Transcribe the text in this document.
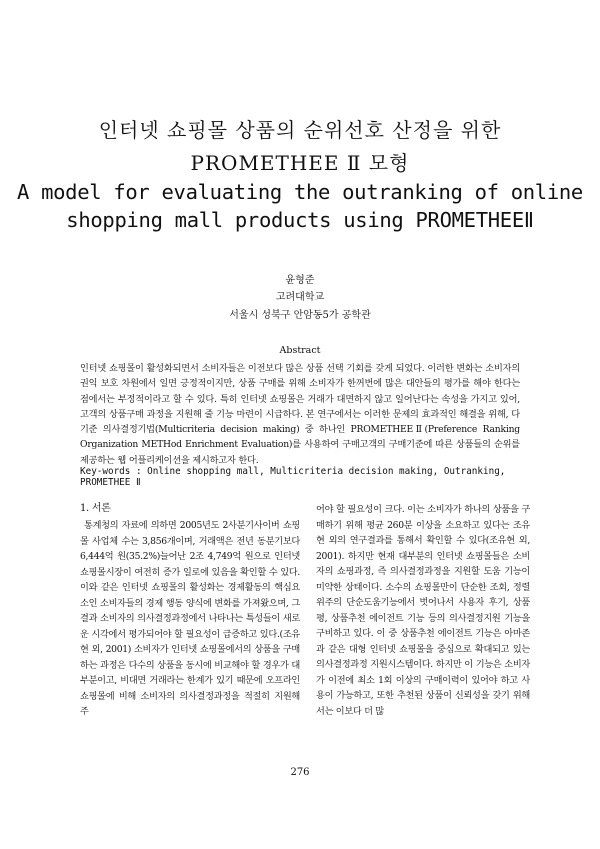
인터넷 쇼핑몰 상품의 순위선호 산정을 위한
PROMETHEE Ⅱ 모형
A model for evaluating the outranking of online
shopping mall products using PROMETHEEⅡ
윤형준
고려대학교
서울시 성북구 안암동5가 공학관
Abstract
인터넷 쇼핑몰이 활성화되면서 소비자들은 이전보다 많은 상품 선택 기회를 갖게 되었다. 이러한 변화는 소비자의 권익 보호 차원에서 일면 긍정적이지만, 상품 구매를 위해 소비자가 한꺼번에 많은 대안들의 평가를 해야 한다는 점에서는 부정적이라고 할 수 있다. 특히 인터넷 쇼핑몰은 거래가 대면하지 않고 일어난다는 속성을 가지고 있어, 고객의 상품구매 과정을 지원해 줄 기능 마련이 시급하다. 본 연구에서는 이러한 문제의 효과적인 해결을 위해, 다기준 의사결정기법(Multicriteria decision making) 중 하나인 PROMETHEEⅡ(Preference Ranking Organization METHod Enrichment Evaluation)를 사용하여 구매고객의 구매기준에 따른 상품들의 순위를 제공하는 웹 어플리케이션을 제시하고자 한다.
Key-words : Online shopping mall, Multicriteria decision making, Outranking, PROMETHEE Ⅱ
1. 서론

통계청의 자료에 의하면 2005년도 2사분기사이버 쇼핑몰 사업체 수는 3,856개이며, 거래액은 전년 동분기보다 6,444억 원(35.2%)늘어난 2조 4,749억 원으로 인터넷 쇼핑몰시장이 여전히 증가 일로에 있음을 확인할 수 있다. 이와 같은 인터넷 쇼핑몰의 활성화는 경제활동의 핵심요소인 소비자들의 경제 행동 양식에 변화를 가져왔으며, 그 결과 소비자의 의사결정과정에서 나타나는 특성들이 새로운 시각에서 평가되어야 할 필요성이 급증하고 있다.(조유현 외, 2001) 소비자가 인터넷 쇼핑몰에서의 상품을 구매하는 과정은 다수의 상품을 동시에 비교해야 할 경우가 대부분이고, 비대면 거래라는 한계가 있기 때문에 오프라인 쇼핑몰에 비해 소비자의 의사결정과정을 적절히 지원해 주

어야 할 필요성이 크다. 이는 소비자가 하나의 상품을 구매하기 위해 평균 260분 이상을 소요하고 있다는 조유현 외의 연구결과를 통해서 확인할 수 있다(조유현 외, 2001). 하지만 현재 대부분의 인터넷 쇼핑몰들은 소비자의 쇼핑과정, 즉 의사결정과정을 지원할 도움 기능이 미약한 상태이다. 소수의 쇼핑몰만이 단순한 조회, 정렬 위주의 단순도움기능에서 벗어나서 사용자 후기, 상품평, 상품추천 에이전트 기능 등의 의사결정지원 기능을 구비하고 있다. 이 중 상품추천 에이전트 기능은 아마존과 같은 대형 인터넷 쇼핑몰을 중심으로 확대되고 있는 의사결정과정 지원시스템이다. 하지만 이 기능은 소비자가 이전에 최소 1회 이상의 구매이력이 있어야 하고 사용이 가능하고, 또한 추천된 상품이 신뢰성을 갖기 위해서는 이보다 더 많

276
